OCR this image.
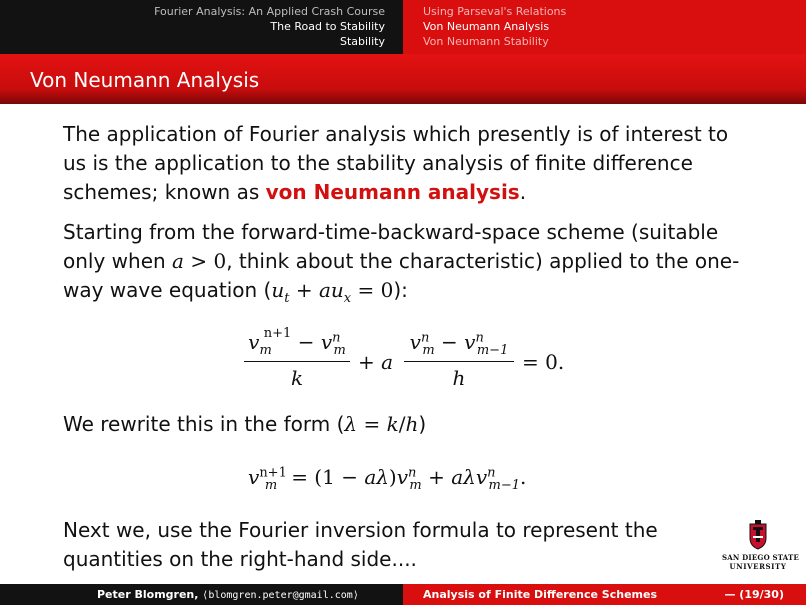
Fourier Analysis: An Applied Crash Course
The Road to Stability
Stability
Using Parseval's Relations
Von Neumann Analysis
Von Neumann Stability
Von Neumann Analysis

The application of Fourier analysis which presently is of interest to us is the application to the stability analysis of finite difference schemes; known as von Neumann analysis.

Starting from the forward-time-backward-space scheme (suitable only when a > 0, think about the characteristic) applied to the one-way wave equation $(u_t + au_x = 0)$:

$v_m^{n+1} - v^n_m$
k
+ a
$v^n_m - v^n_{m-1}$
h
= 0.
We rewrite this in the form (λ = k/h)
$v^{n+1}_m = (1 - a\lambda)v^n_m + a\lambda v^n_{m-1}$.
Next we, use the Fourier inversion formula to represent the quantities on the right-hand side....	SAN DIEGO STATE
UNIVERSITY
Peter Blomgren, ⟨blomgren.peter@gmail.com⟩	Analysis of Finite Difference Schemes	— (19/30)
